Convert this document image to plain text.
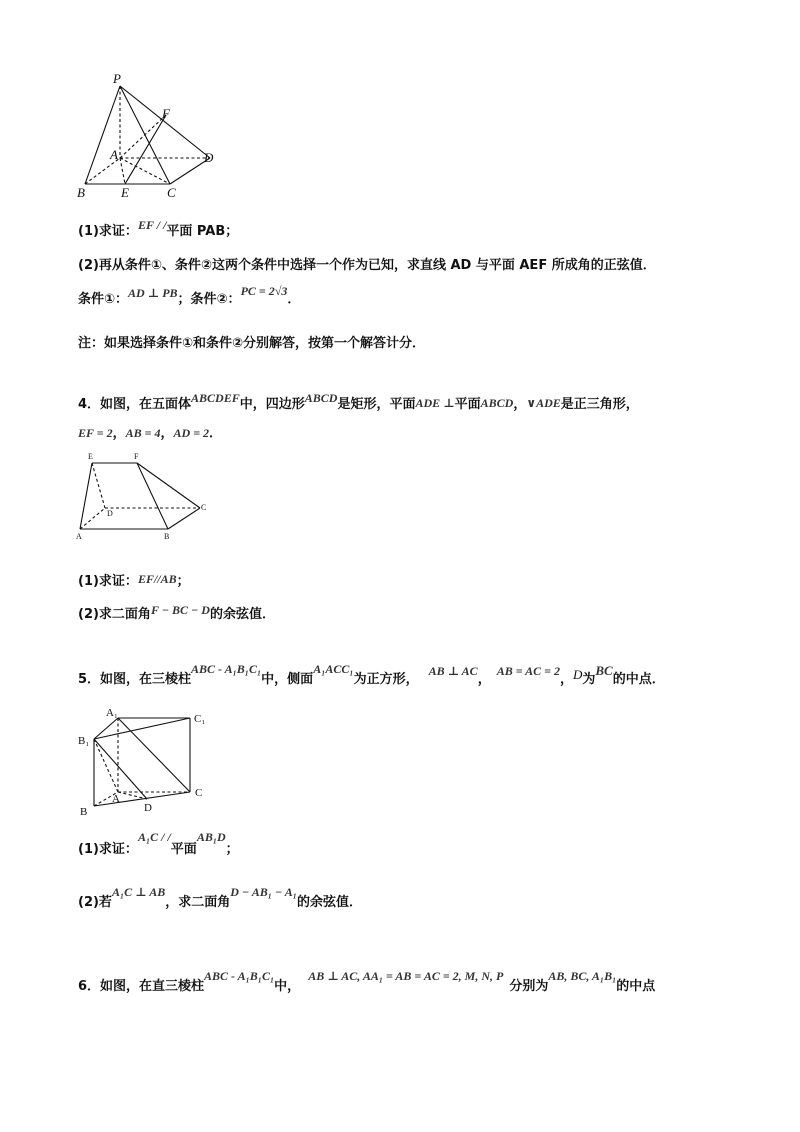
P
F
A	D
B	E	C
(1)求证：EF / /平面 PAB；
(2)再从条件①、条件②这两个条件中选择一个作为已知，求直线 AD 与平面 AEF 所成角的正弦值．
条件①：AD ⊥ PB；条件②：PC = 2√3．
注：如果选择条件①和条件②分别解答，按第一个解答计分．
4．如图，在五面体ABCDEF中，四边形ABCD是矩形，平面ADE ⊥平面ABCD，∨ADE是正三角形，
EF = 2，AB = 4，AD = 2．
E	F
D
C
A	B
(1)求证：EF//AB；
(2)求二面角F − BC − D的余弦值．
5．如图，在三棱柱ABC - A₁B₁C₁中，侧面A₁ACC₁为正方形，AB ⊥ AC，AB = AC = 2，D为BC的中点．
A₁	C₁
B₁
A	C
B	D
(1)求证：A₁C / /平面AB₁D；
(2)若A₁C ⊥ AB，求二面角D − AB₁ − A₁的余弦值．
6．如图，在直三棱柱ABC - A₁B₁C₁中，AB ⊥ AC, AA₁ = AB = AC = 2, M, N, P分别为AB, BC, A₁B₁的中点
